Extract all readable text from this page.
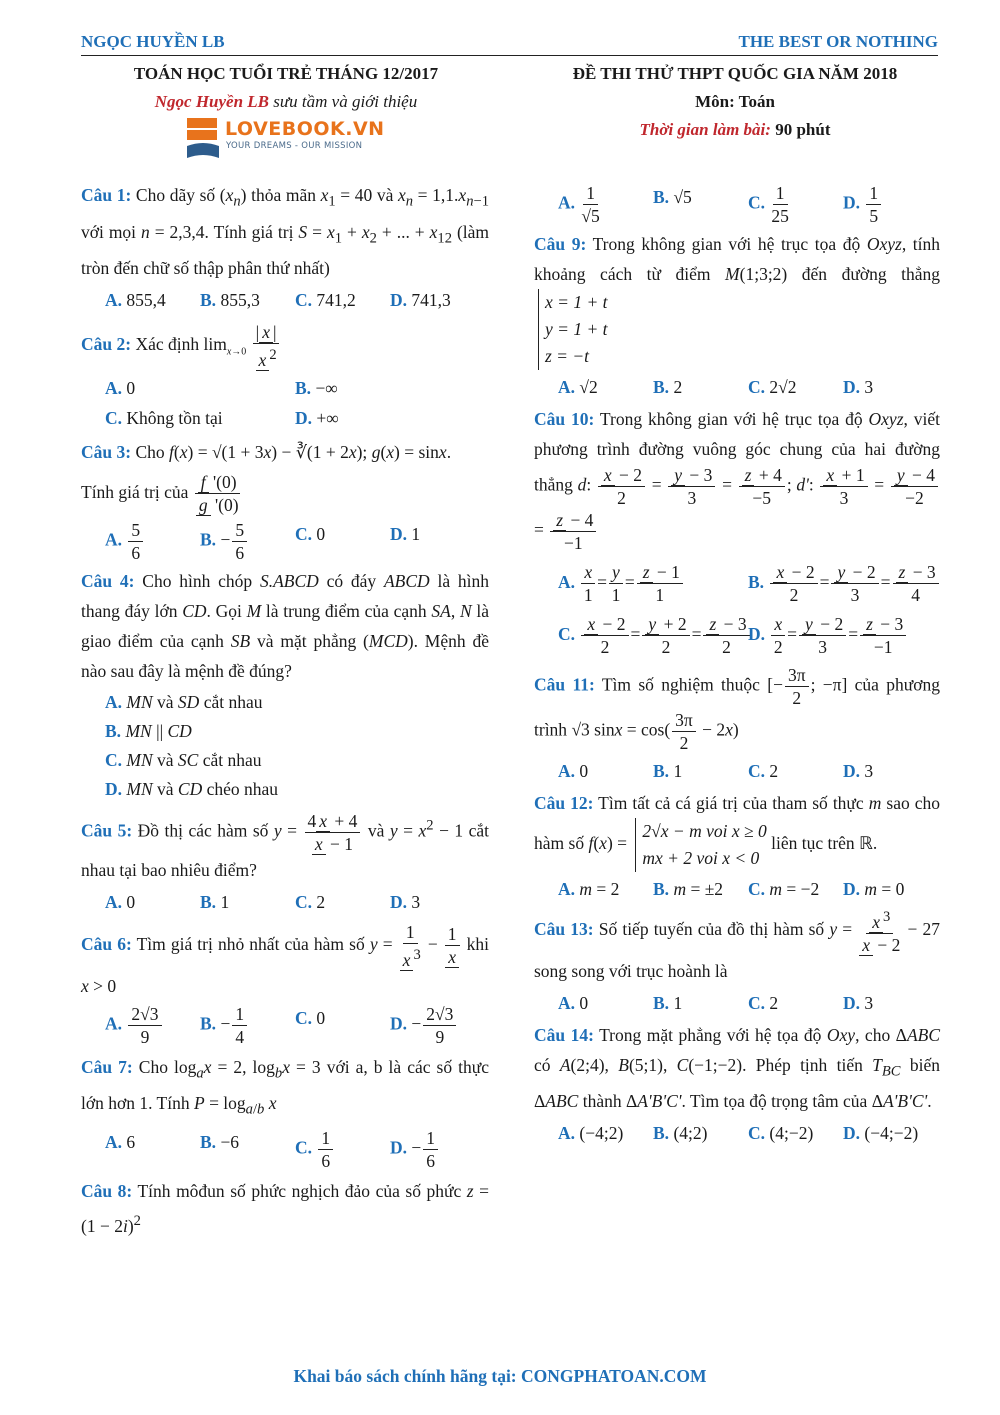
NGỌC HUYỀN LB	THE BEST OR NOTHING
TOÁN HỌC TUỔI TRẺ THÁNG 12/2017
Ngọc Huyền LB sưu tầm và giới thiệu
LOVEBOOK.VN
YOUR DREAMS - OUR MISSION
ĐỀ THI THỬ THPT QUỐC GIA NĂM 2018
Môn: Toán
Thời gian làm bài: 90 phút
Câu 1: Cho dãy số $(x_n)$ thỏa mãn $x_1 = 40$ và $x_n = 1,1.x_{n-1}$ với mọi n = 2,3,4. Tính giá trị $S = x_1 + x_2$ + ... + $x_{12}$ (làm tròn đến chữ số thập phân thứ nhất)
A. 855,4	B. 855,3	C. 741,2	D. 741,3
Câu 2: Xác định $\lim_{x\to 0} \frac{| x |}{x ^2}$
A. 0	B. −∞
C. Không tồn tại	D. +∞
Câu 3: Cho f(x) = √(1 + 3x) − ∛(1 + 2x); g(x) = sinx.
Tính giá trị của $\frac{f '(0)}{g '(0)}$
A. $\frac{5}{6}$	B. − $\frac{5}{6}$	C. 0	D. 1
Câu 4: Cho hình chóp S.ABCD có đáy ABCD là hình thang đáy lớn CD. Gọi M là trung điểm của cạnh SA, N là giao điểm của cạnh SB và mặt phẳng (MCD). Mệnh đề nào sau đây là mệnh đề đúng?
A. MN và SD cắt nhau
B. MN || CD
C. MN và SC cắt nhau
D. MN và CD chéo nhau
Câu 5: Đồ thị các hàm số $y = \frac{4 x + 4}{x - 1}$ và $y = x^2 - 1$ cắt nhau tại bao nhiêu điểm?
A. 0	B. 1	C. 2	D. 3
Câu 6: Tìm giá trị nhỏ nhất của hàm số $y = \frac{1}{x ^3} - \frac{1}{x}$ khi x > 0
A. $\frac{2√3}{9} B$. − $\frac{1}{4}$	C. 0	D. − $\frac{2√3}{9}$
Câu 7: Cho $\log_ax = 2$, $\log_bx = 3$ với a, b là các số thực lớn hơn 1. Tính $P = \log_{a/b} x$
A. 6	B. −6	C. $\frac{1}{6}$	D. − $\frac{1}{6}$
Câu 8: Tính môđun số phức nghịch đảo của số phức $z = (1 - 2i)^2$
A. $\frac{1}{√5}$	B. √5	C. $\frac{1}{25}$	D. $\frac{1}{5}$
Câu 9: Trong không gian với hệ trục tọa độ Oxyz, tính khoảng cách từ điểm M(1;3;2) đến đường thẳng
x = 1 + t
y = 1 + t
z = −t
A. √2	B. 2	C. 2√2	D. 3
Câu 10: Trong không gian với hệ trục tọa độ Oxyz, viết phương trình đường vuông góc chung của hai đường thẳng d: $\frac{x - 2}{2} = \frac{y - 3}{3} = \frac{z + 4}{-5}$ ; d': $\frac{x + 1}{3} = \frac{y - 4}{-2}$
= $\frac{z - 4}{-1}$
A. $\frac{x}{1} = \frac{y}{1} = \frac{z - 1}{1}$	B. $\frac{x - 2}{2} = \frac{y - 2}{3} = \frac{z - 3}{4}$
C. $\frac{x - 2}{2} = \frac{y + 2}{2} = \frac{z - 3}{2}$
D. $\frac{x}{2} = \frac{y - 2}{3} = \frac{z - 3}{-1}$
Câu 11: Tìm số nghiệm thuộc [− $\frac{3\pi}{2}$ ; −π] của phương trình √3 $\sin x = \cos( \frac{3\pi}{2} - 2x)$
A. 0	B. 1	C. 2	D. 3
Câu 12: Tìm tất cả cá giá trị của tham số thực m sao cho hàm số f(x) =
2√x − m voi x ≥ 0
mx + 2 voi x < 0
liên tục trên ℝ.
A. m = 2	B. m = ±2	C. m = −2	D. m = 0
Câu 13: Số tiếp tuyến của đồ thị hàm số $y = \frac{x ^3}{x - 2} - 27$ song song với trục hoành là
A. 0	B. 1	C. 2	D. 3
Câu 14: Trong mặt phẳng với hệ tọa độ Oxy, cho ΔABC có A(2;4), B(5;1), C(−1;−2). Phép tịnh tiến $T_{BC}$ biến ΔABC thành ΔA'B'C'. Tìm tọa độ trọng tâm của ΔA'B'C'.
A. (−4;2)	B. (4;2)	C. (4;−2)	D. (−4;−2)
Khai báo sách chính hãng tại: CONGPHATOAN.COM
